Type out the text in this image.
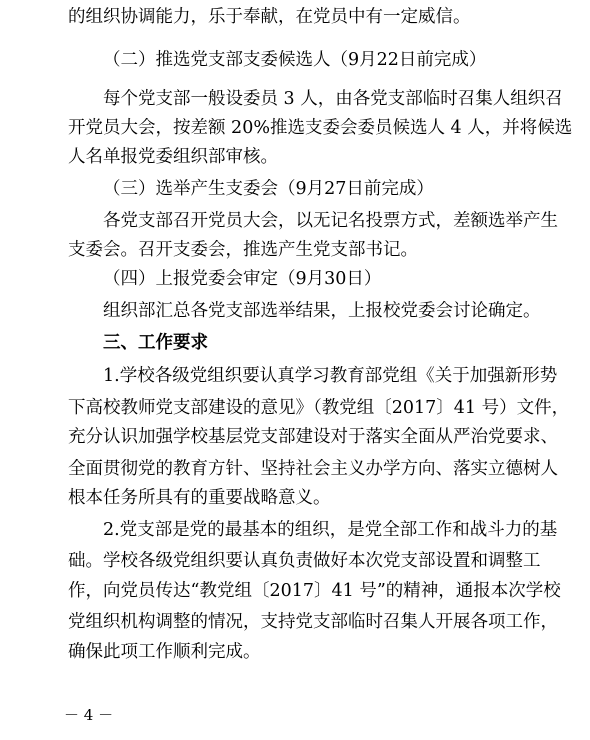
的组织协调能力，乐于奉献，在党员中有一定威信。
（二）推选党支部支委候选人（9月22日前完成）
每个党支部一般设委员 3 人，由各党支部临时召集人组织召
开党员大会，按差额 20%推选支委会委员候选人 4 人，并将候选
人名单报党委组织部审核。
（三）选举产生支委会（9月27日前完成）
各党支部召开党员大会，以无记名投票方式，差额选举产生
支委会。召开支委会，推选产生党支部书记。
（四）上报党委会审定（9月30日）
组织部汇总各党支部选举结果，上报校党委会讨论确定。
三、工作要求
1.学校各级党组织要认真学习教育部党组《关于加强新形势
下高校教师党支部建设的意见》（教党组〔2017〕41 号）文件，
充分认识加强学校基层党支部建设对于落实全面从严治党要求、
全面贯彻党的教育方针、坚持社会主义办学方向、落实立德树人
根本任务所具有的重要战略意义。
2.党支部是党的最基本的组织，是党全部工作和战斗力的基
础。学校各级党组织要认真负责做好本次党支部设置和调整工
作，向党员传达“教党组〔2017〕41 号”的精神，通报本次学校
党组织机构调整的情况，支持党支部临时召集人开展各项工作，
确保此项工作顺利完成。
－ 4 －
